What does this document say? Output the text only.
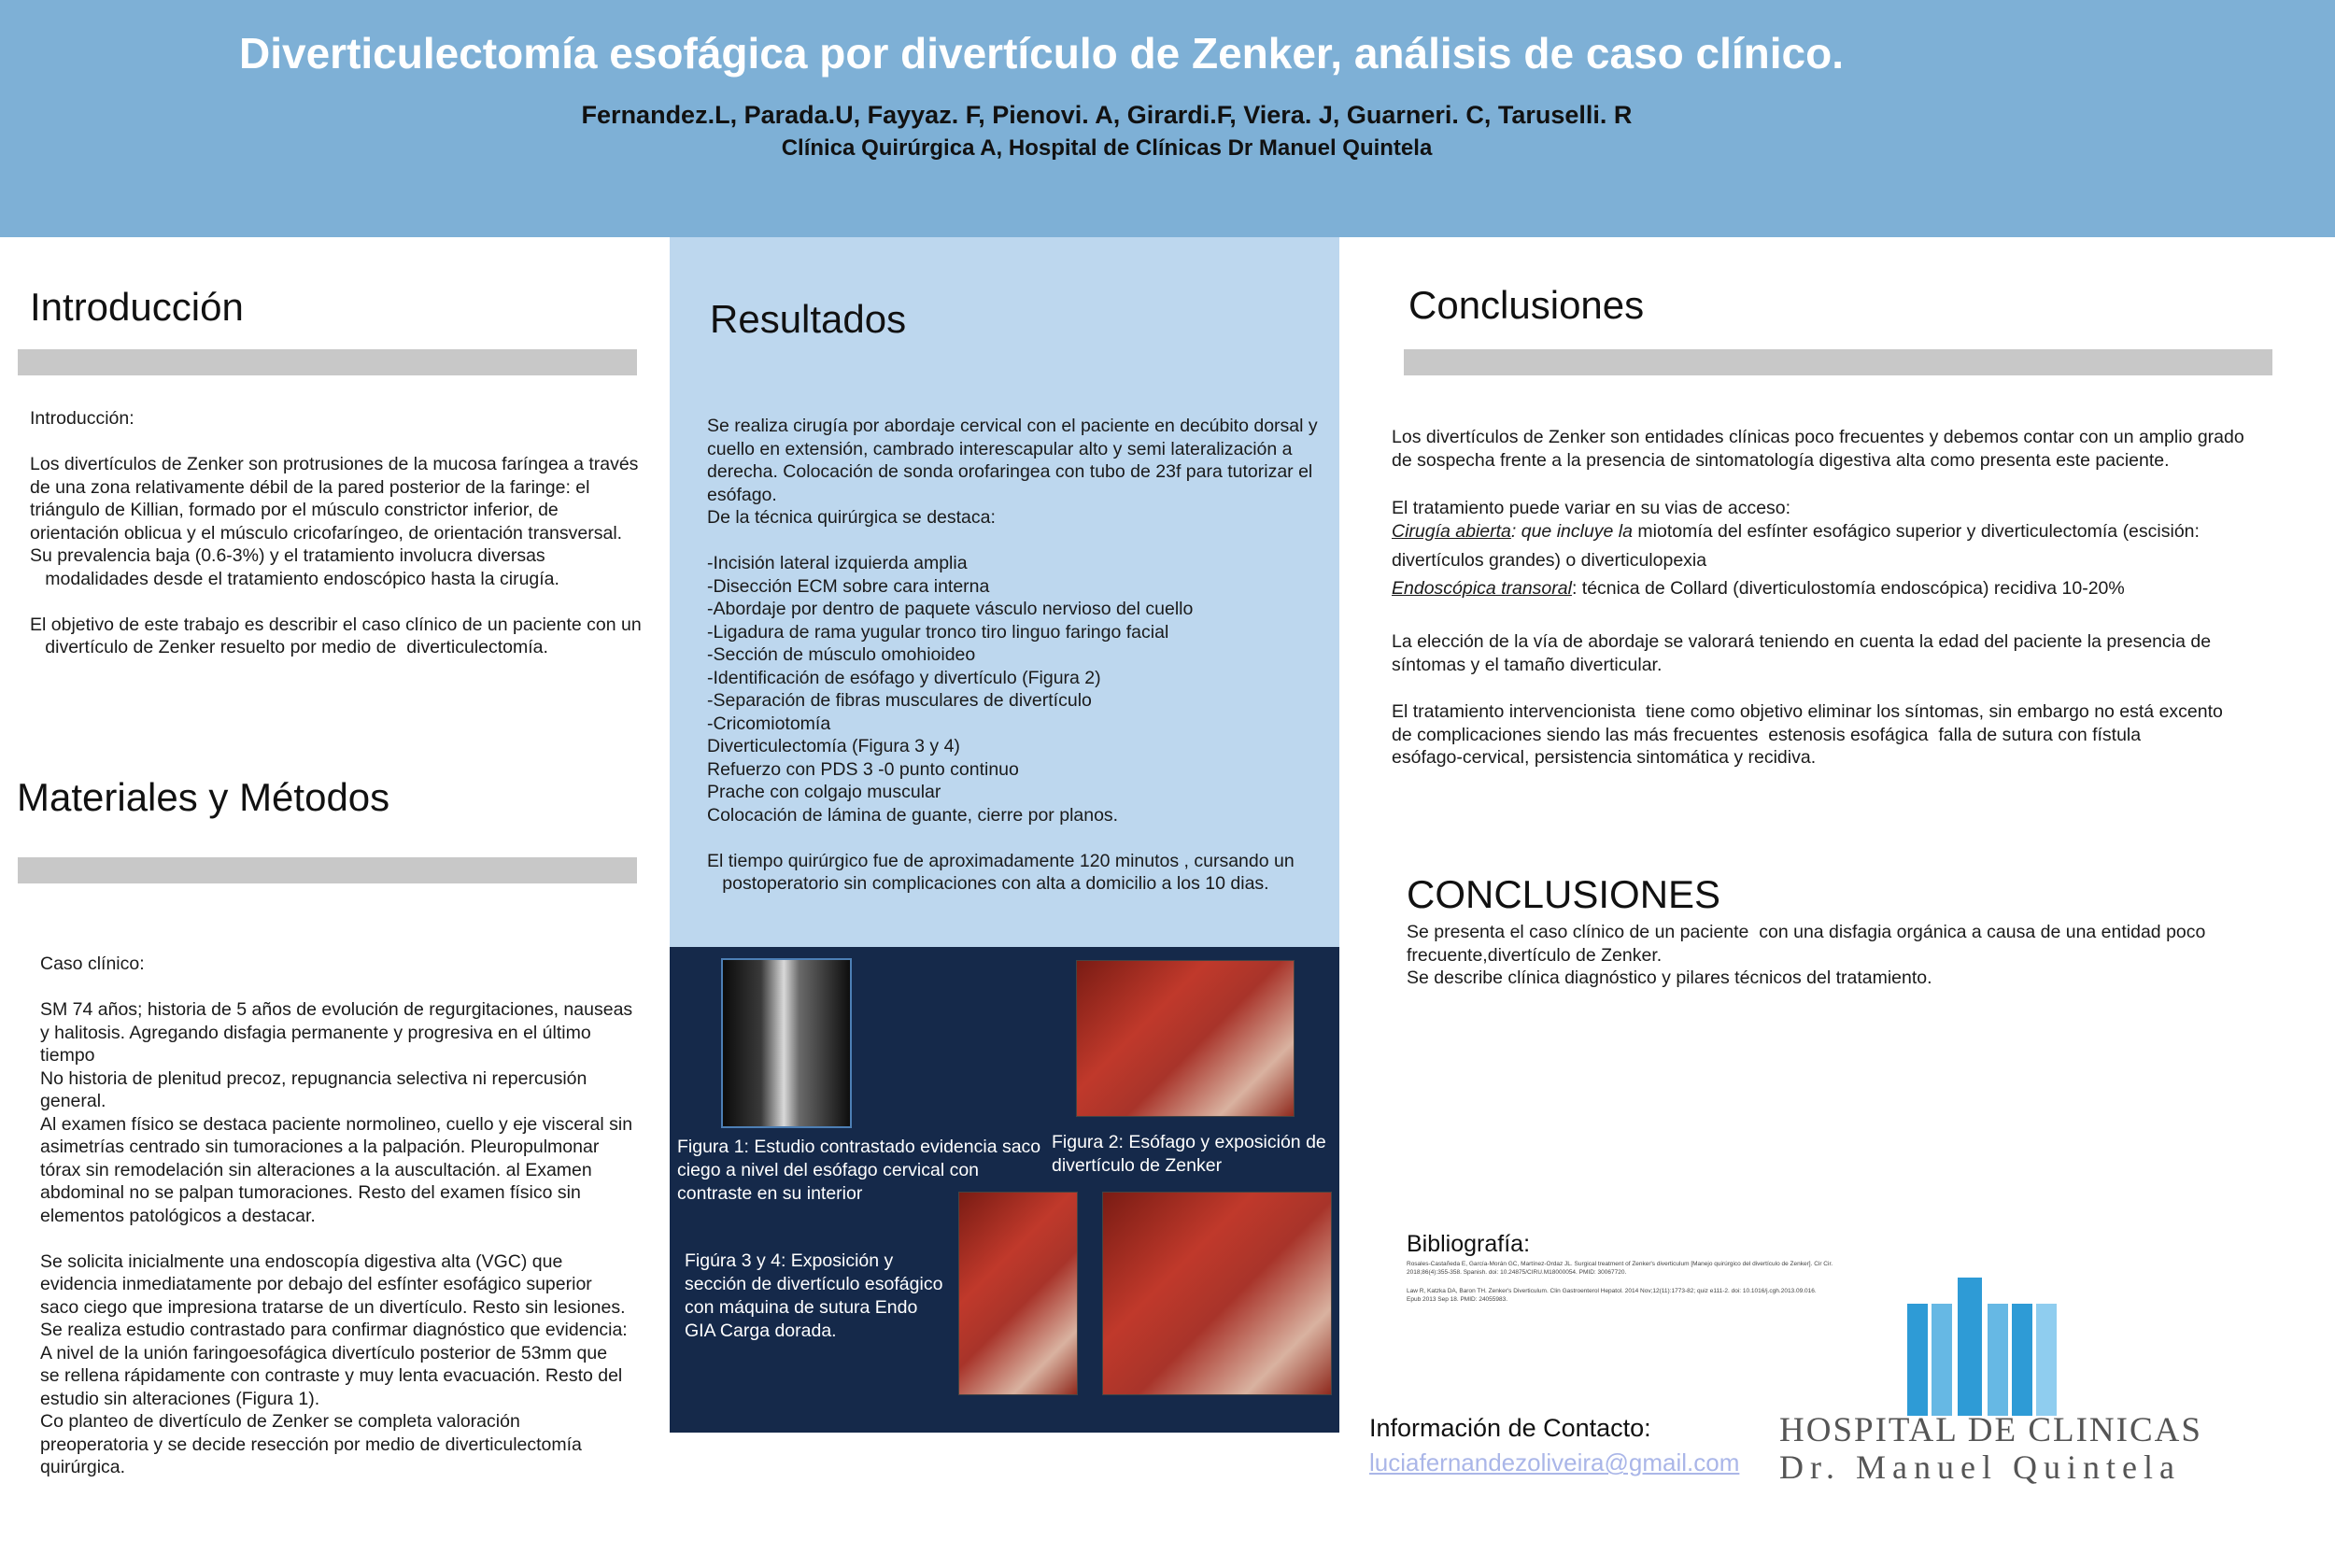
Diverticulectomía esofágica por divertículo de Zenker, análisis de caso clínico.
Fernandez.L, Parada.U, Fayyaz. F, Pienovi. A, Girardi.F, Viera. J, Guarneri. C, Taruselli. R
Clínica Quirúrgica A, Hospital de Clínicas Dr Manuel Quintela
Introducción
Introducción:

Los divertículos de Zenker son protrusiones de la mucosa faríngea a través
de una zona relativamente débil de la pared posterior de la faringe: el
triángulo de Killian, formado por el músculo constrictor inferior, de
orientación oblicua y el músculo cricofaríngeo, de orientación transversal.
Su prevalencia baja (0.6-3%) y el tratamiento involucra diversas
modalidades desde el tratamiento endoscópico hasta la cirugía.

El objetivo de este trabajo es describir el caso clínico de un paciente con un
divertículo de Zenker resuelto por medio de  diverticulectomía.
Materiales y Métodos
Caso clínico:

SM 74 años; historia de 5 años de evolución de regurgitaciones, nauseas
y halitosis. Agregando disfagia permanente y progresiva en el último
tiempo
No historia de plenitud precoz, repugnancia selectiva ni repercusión
general.
Al examen físico se destaca paciente normolineo, cuello y eje visceral sin
asimetrías centrado sin tumoraciones a la palpación. Pleuropulmonar
tórax sin remodelación sin alteraciones a la auscultación. al Examen
abdominal no se palpan tumoraciones. Resto del examen físico sin
elementos patológicos a destacar.

Se solicita inicialmente una endoscopía digestiva alta (VGC) que
evidencia inmediatamente por debajo del esfínter esofágico superior
saco ciego que impresiona tratarse de un divertículo. Resto sin lesiones.
Se realiza estudio contrastado para confirmar diagnóstico que evidencia:
A nivel de la unión faringoesofágica divertículo posterior de 53mm que
se rellena rápidamente con contraste y muy lenta evacuación. Resto del
estudio sin alteraciones (Figura 1).
Co planteo de divertículo de Zenker se completa valoración
preoperatoria y se decide resección por medio de diverticulectomía
quirúrgica.
Resultados
Se realiza cirugía por abordaje cervical con el paciente en decúbito dorsal y
cuello en extensión, cambrado interescapular alto y semi lateralización a
derecha. Colocación de sonda orofaringea con tubo de 23f para tutorizar el
esófago.
De la técnica quirúrgica se destaca:

-Incisión lateral izquierda amplia
-Disección ECM sobre cara interna
-Abordaje por dentro de paquete vásculo nervioso del cuello
-Ligadura de rama yugular tronco tiro linguo faringo facial
-Sección de músculo omohioideo
-Identificación de esófago y divertículo (Figura 2)
-Separación de fibras musculares de divertículo
-Cricomiotomía
Diverticulectomía (Figura 3 y 4)
Refuerzo con PDS 3 -0 punto continuo
Prache con colgajo muscular
Colocación de lámina de guante, cierre por planos.

El tiempo quirúrgico fue de aproximadamente 120 minutos , cursando un
postoperatorio sin complicaciones con alta a domicilio a los 10 dias.
Figura 1: Estudio contrastado evidencia saco
ciego a nivel del esófago cervical con
contraste en su interior
Figura 2: Esófago y exposición de
divertículo de Zenker
Figúra 3 y 4: Exposición y
sección de divertículo esofágico
con máquina de sutura Endo
GIA Carga dorada.
Conclusiones
Los divertículos de Zenker son entidades clínicas poco frecuentes y debemos contar con un amplio grado
de sospecha frente a la presencia de sintomatología digestiva alta como presenta este paciente.
El tratamiento puede variar en su vias de acceso:
Cirugía abierta: que incluye la miotomía del esfínter esofágico superior y diverticulectomía (escisión:
divertículos grandes) o diverticulopexia
Endoscópica transoral: técnica de Collard (diverticulostomía endoscópica) recidiva 10-20%
La elección de la vía de abordaje se valorará teniendo en cuenta la edad del paciente la presencia de
síntomas y el tamaño diverticular.
El tratamiento intervencionista  tiene como objetivo eliminar los síntomas, sin embargo no está excento
de complicaciones siendo las más frecuentes  estenosis esofágica  falla de sutura con fístula
esófago-cervical, persistencia sintomática y recidiva.
CONCLUSIONES
Se presenta el caso clínico de un paciente  con una disfagia orgánica a causa de una entidad poco
frecuente,divertículo de Zenker.
Se describe clínica diagnóstico y pilares técnicos del tratamiento.
Bibliografía:
Rosales-Castañeda E, García-Morán GC, Martínez-Ordaz JL. Surgical treatment of Zenker's diverticulum [Manejo quirúrgico del divertículo de Zenker]. Cir Cir.
2018;86(4):355-358. Spanish. doi: 10.24875/CIRU.M18000054. PMID: 30067720.
Law R, Katzka DA, Baron TH. Zenker's Diverticulum. Clin Gastroenterol Hepatol. 2014 Nov;12(11):1773-82; quiz e111-2. doi: 10.1016/j.cgh.2013.09.016.
Epub 2013 Sep 18. PMID: 24055983.
HOSPITAL DE CLINICAS
Dr. Manuel Quintela
Información de Contacto:
luciafernandezoliveira@gmail.com
